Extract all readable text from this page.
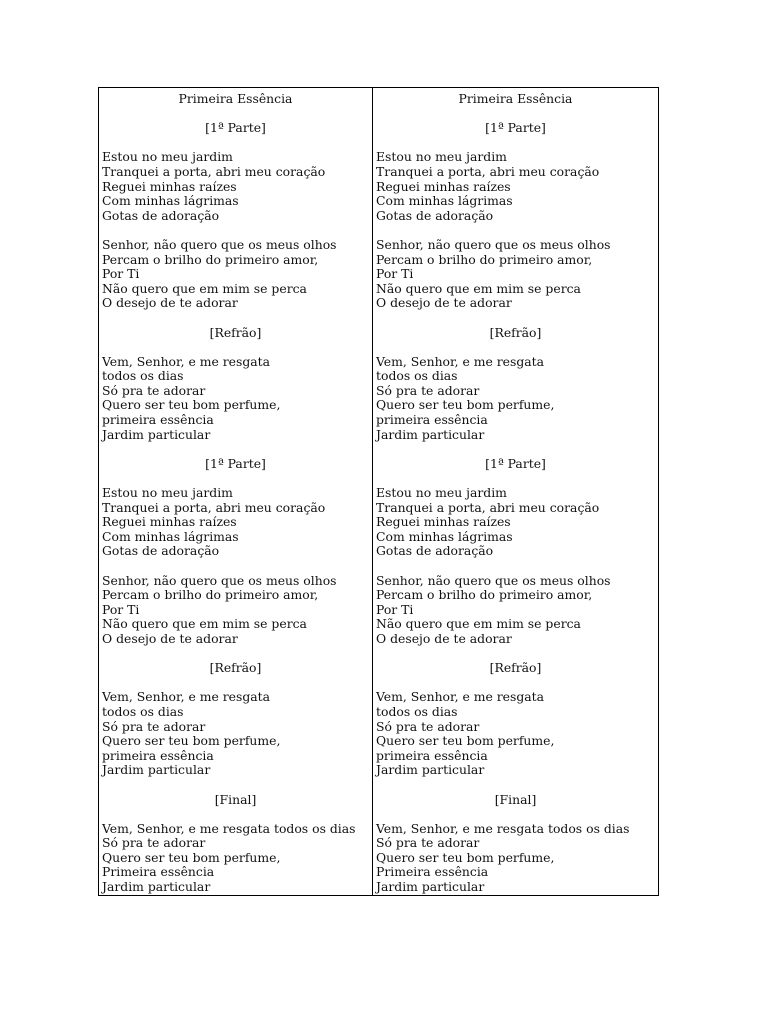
Primeira Essência
[1ª Parte]
Estou no meu jardim
Tranquei a porta, abri meu coração
Reguei minhas raízes
Com minhas lágrimas
Gotas de adoração
Senhor, não quero que os meus olhos
Percam o brilho do primeiro amor,
Por Ti
Não quero que em mim se perca
O desejo de te adorar
[Refrão]
Vem, Senhor, e me resgata
todos os dias
Só pra te adorar
Quero ser teu bom perfume,
primeira essência
Jardim particular
[1ª Parte]
Estou no meu jardim
Tranquei a porta, abri meu coração
Reguei minhas raízes
Com minhas lágrimas
Gotas de adoração
Senhor, não quero que os meus olhos
Percam o brilho do primeiro amor,
Por Ti
Não quero que em mim se perca
O desejo de te adorar
[Refrão]
Vem, Senhor, e me resgata
todos os dias
Só pra te adorar
Quero ser teu bom perfume,
primeira essência
Jardim particular
[Final]
Vem, Senhor, e me resgata todos os dias
Só pra te adorar
Quero ser teu bom perfume,
Primeira essência
Jardim particular
Primeira Essência
[1ª Parte]
Estou no meu jardim
Tranquei a porta, abri meu coração
Reguei minhas raízes
Com minhas lágrimas
Gotas de adoração
Senhor, não quero que os meus olhos
Percam o brilho do primeiro amor,
Por Ti
Não quero que em mim se perca
O desejo de te adorar
[Refrão]
Vem, Senhor, e me resgata
todos os dias
Só pra te adorar
Quero ser teu bom perfume,
primeira essência
Jardim particular
[1ª Parte]
Estou no meu jardim
Tranquei a porta, abri meu coração
Reguei minhas raízes
Com minhas lágrimas
Gotas de adoração
Senhor, não quero que os meus olhos
Percam o brilho do primeiro amor,
Por Ti
Não quero que em mim se perca
O desejo de te adorar
[Refrão]
Vem, Senhor, e me resgata
todos os dias
Só pra te adorar
Quero ser teu bom perfume,
primeira essência
Jardim particular
[Final]
Vem, Senhor, e me resgata todos os dias
Só pra te adorar
Quero ser teu bom perfume,
Primeira essência
Jardim particular
